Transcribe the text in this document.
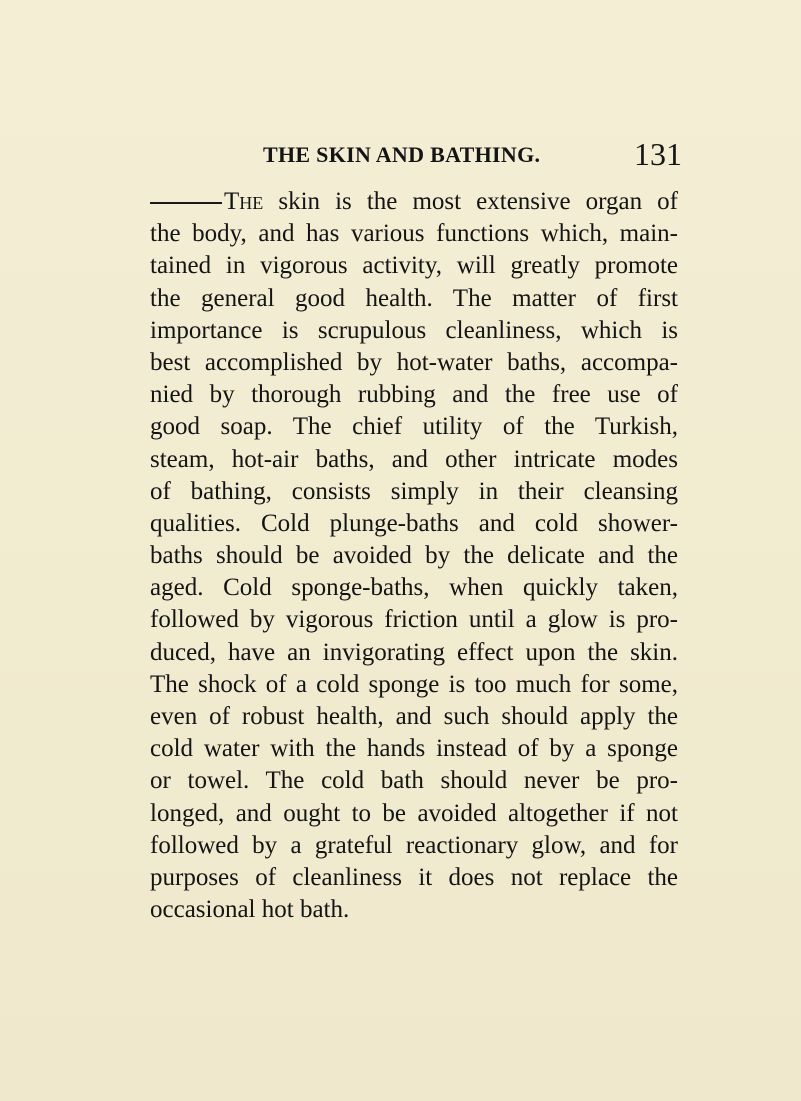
THE SKIN AND BATHING.	131
The skin is the most extensive organ of
the body, and has various functions which, main-
tained in vigorous activity, will greatly promote
the general good health. The matter of first
importance is scrupulous cleanliness, which is
best accomplished by hot-water baths, accompa-
nied by thorough rubbing and the free use of
good soap. The chief utility of the Turkish,
steam, hot-air baths, and other intricate modes
of bathing, consists simply in their cleansing
qualities. Cold plunge-baths and cold shower-
baths should be avoided by the delicate and the
aged. Cold sponge-baths, when quickly taken,
followed by vigorous friction until a glow is pro-
duced, have an invigorating effect upon the skin.
The shock of a cold sponge is too much for some,
even of robust health, and such should apply the
cold water with the hands instead of by a sponge
or towel. The cold bath should never be pro-
longed, and ought to be avoided altogether if not
followed by a grateful reactionary glow, and for
purposes of cleanliness it does not replace the
occasional hot bath.
